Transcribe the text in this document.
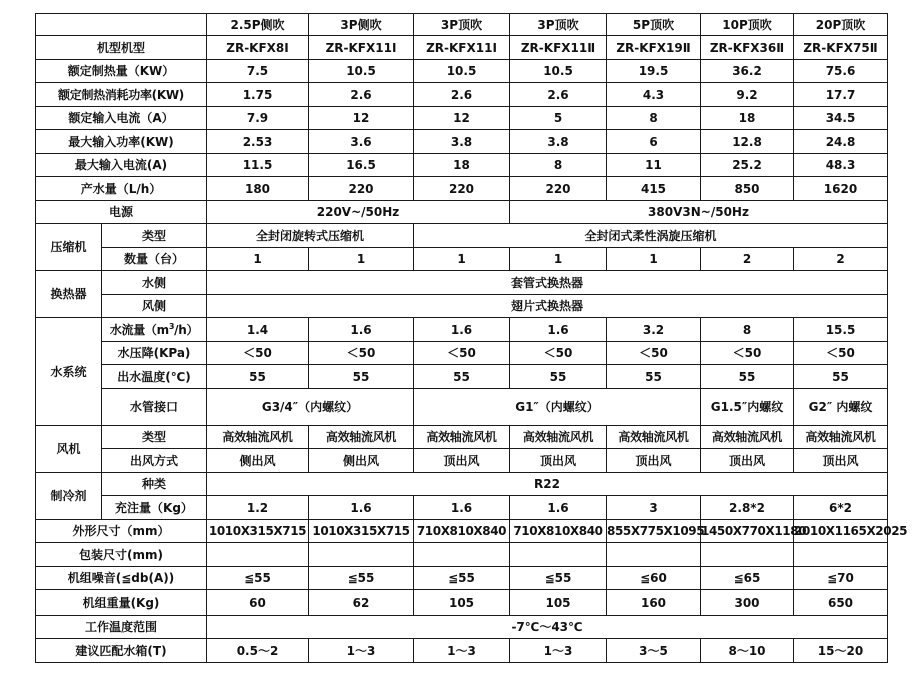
		2.5P侧吹	3P侧吹	3P顶吹	3P顶吹	5P顶吹	10P顶吹	20P顶吹
机型机型		ZR-KFX8Ⅰ	ZR-KFX11Ⅰ	ZR-KFX11Ⅰ	ZR-KFX11Ⅱ	ZR-KFX19Ⅱ	ZR-KFX36Ⅱ	ZR-KFX75Ⅱ
额定制热量（KW）		7.5	10.5	10.5	10.5	19.5	36.2	75.6
额定制热消耗功率(KW)		1.75	2.6	2.6	2.6	4.3	9.2	17.7
额定输入电流（A）		7.9	12	12	5	8	18	34.5
最大输入功率(KW)		2.53	3.6	3.8	3.8	6	12.8	24.8
最大输入电流(A)		11.5	16.5	18	8	11	25.2	48.3
产水量（L/h）		180	220	220	220	415	850	1620
电源		220V~/50Hz			380V3N~/50Hz			
压缩机	类型	全封闭旋转式压缩机		全封闭式柔性涡旋压缩机				
	数量（台）	1	1	1	1	1	2	2
换热器	水侧	套管式换热器						
	风侧	翅片式换热器						
水系统	水流量$(m^3/h)$	1.4	1.6	1.6	1.6	3.2	8	15.5
	水压降(KPa)	＜50	＜50	＜50	＜50	＜50	＜50	＜50
	出水温度(℃)	55	55	55	55	55	55	55
	水管接口	G3/4″（内螺纹）		G1″（内螺纹）			G1.5″内螺纹	G2″ 内螺纹
风机	类型	高效轴流风机	高效轴流风机	高效轴流风机	高效轴流风机	高效轴流风机	高效轴流风机	高效轴流风机
	出风方式	侧出风	侧出风	顶出风	顶出风	顶出风	顶出风	顶出风
制冷剂	种类	R22						
	充注量（Kg）	1.2	1.6	1.6	1.6	3	2.8*2	6*2
外形尺寸（mm）		1010X315X715	1010X315X715	710X810X840	710X810X840	855X775X1095	1450X770X1180	2010X1165X2025
包装尺寸(mm)								
机组噪音(≦db(A))		≦55	≦55	≦55	≦55	≦60	≦65	≦70
机组重量(Kg)		60	62	105	105	160	300	650
工作温度范围		-7℃～43℃						
建议匹配水箱(T)		0.5～2	1～3	1～3	1～3	3～5	8～10	15～20
